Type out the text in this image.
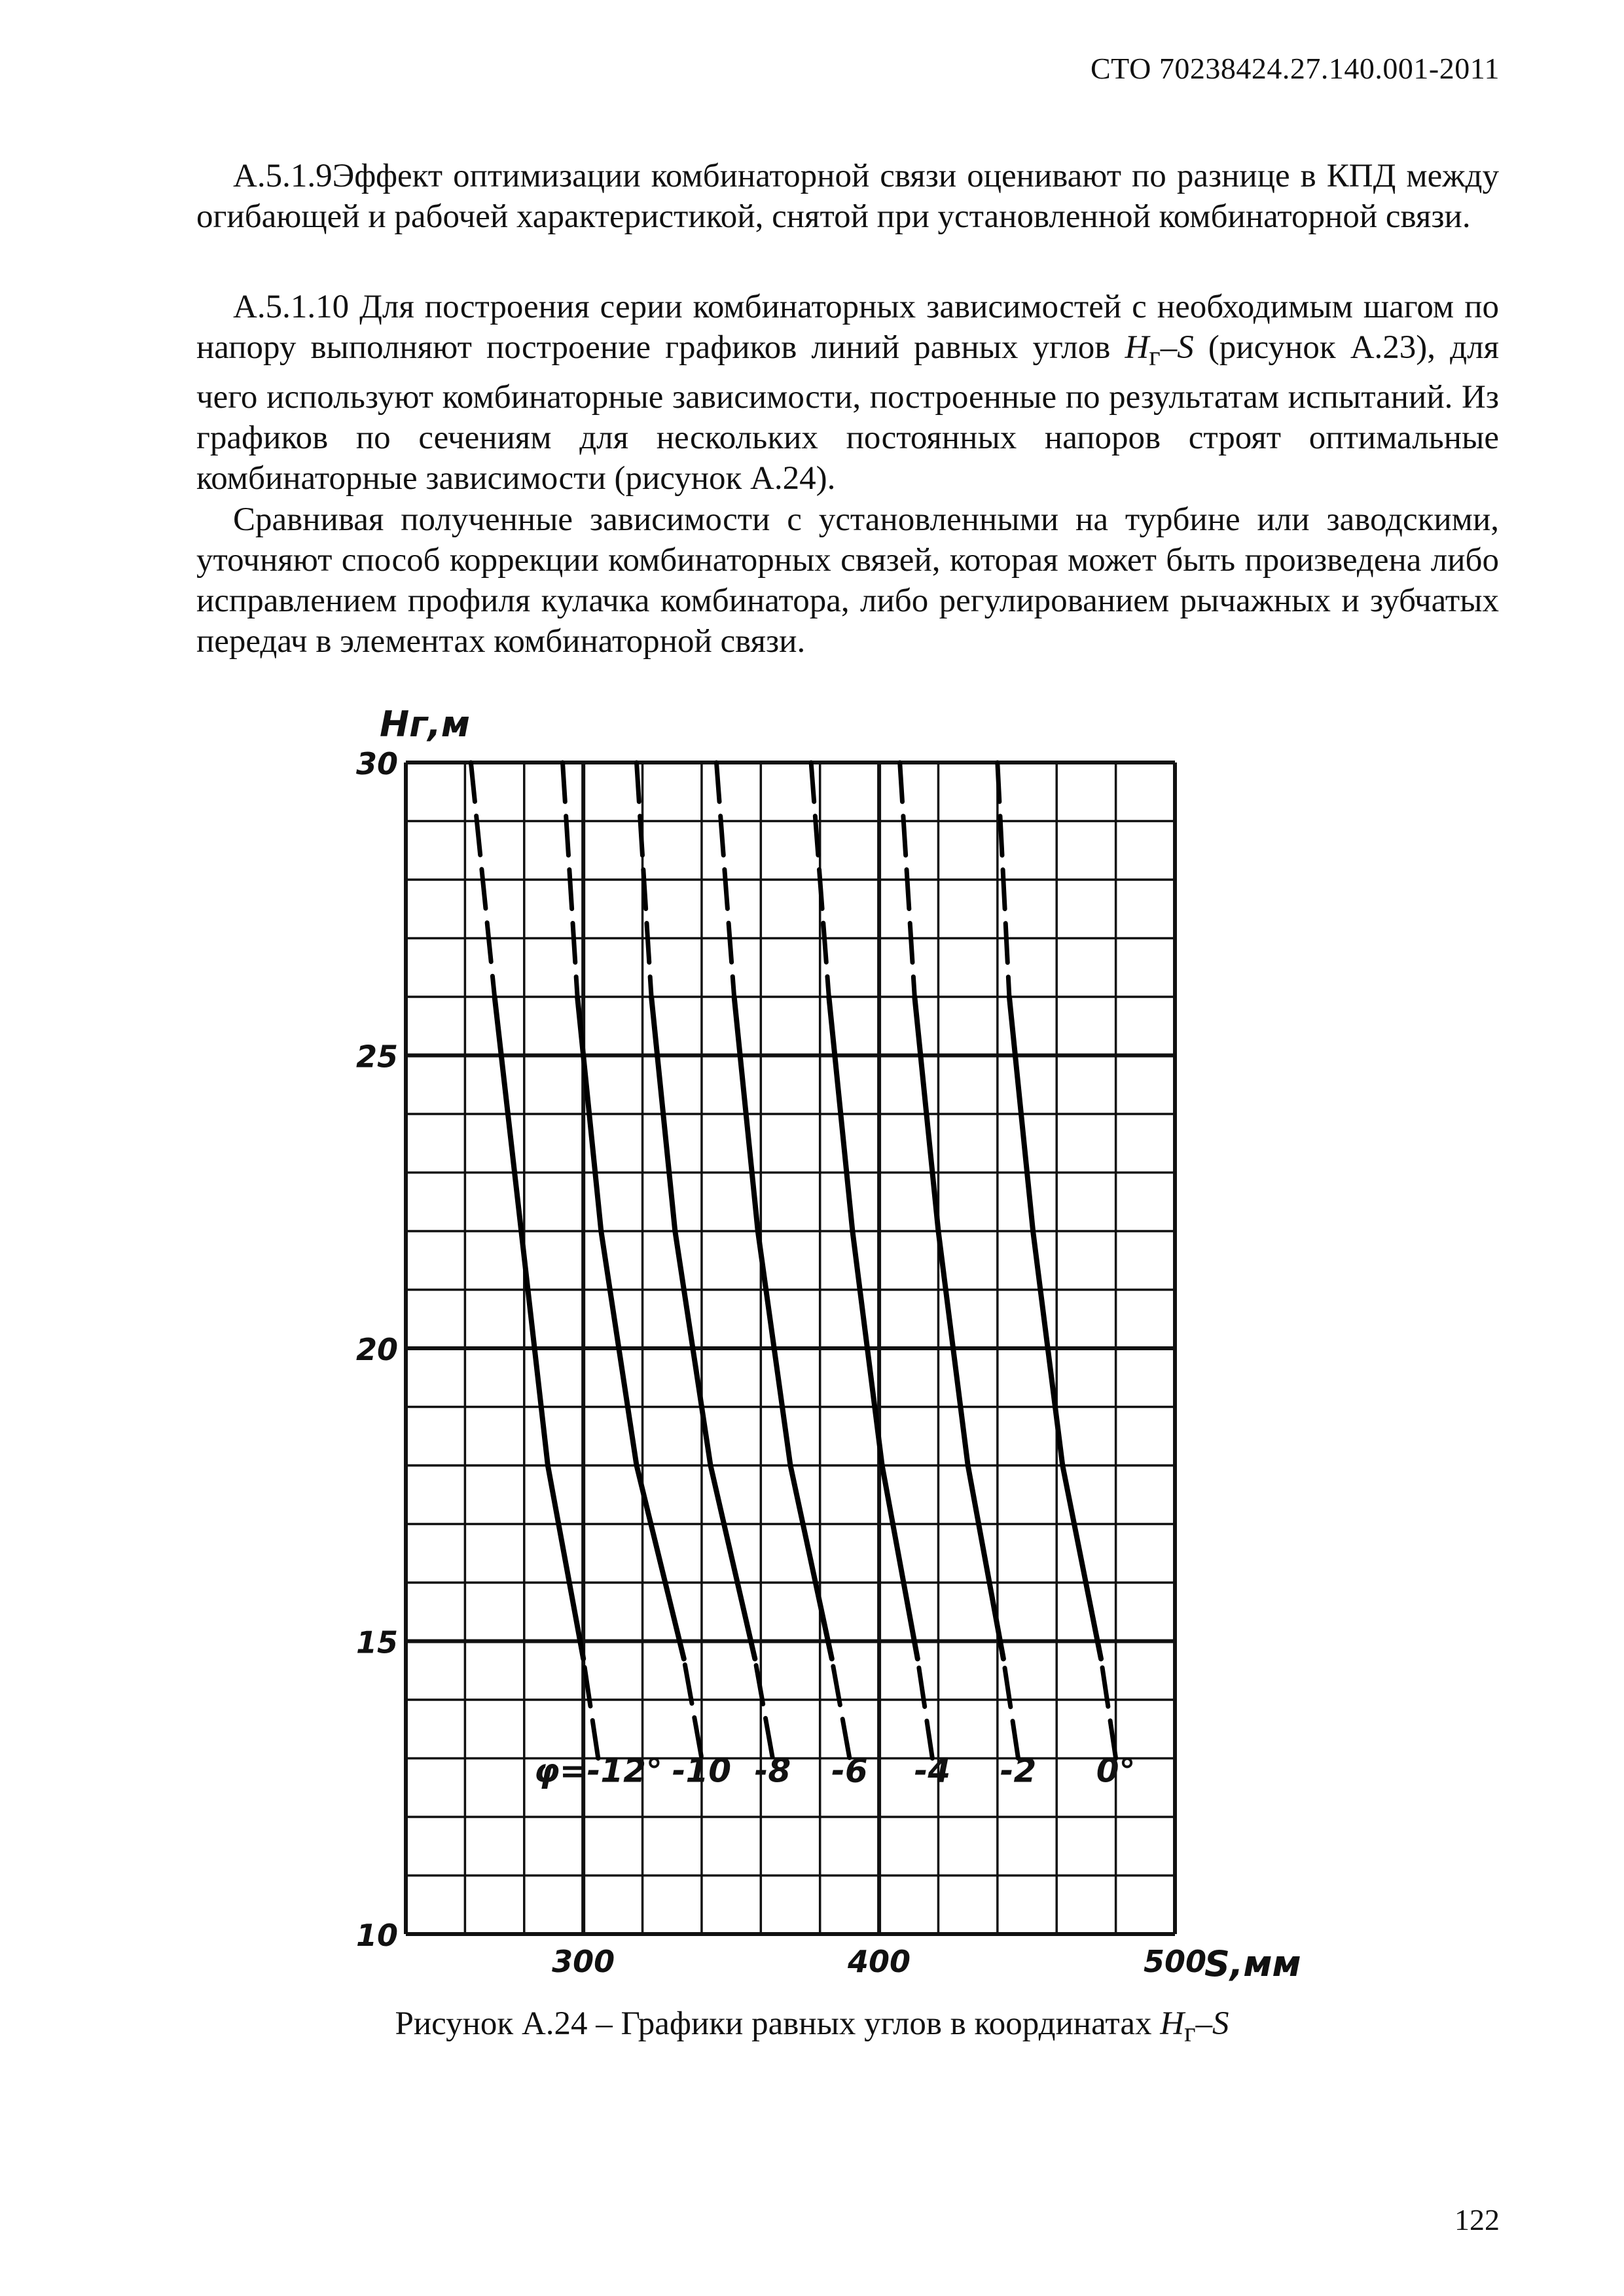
СТО 70238424.27.140.001-2011

А.5.1.9Эффект оптимизации комбинаторной связи оценивают по разнице в КПД между огибающей и рабочей характеристикой, снятой при установленной комбинаторной связи.

А.5.1.10 Для построения серии комбинаторных зависимостей с необходимым шагом по напору выполняют построение графиков линий равных углов $H_г-S$ (рисунок А.23), для чего используют комбинаторные зависимости, построенные по результатам испытаний. Из графиков по сечениям для нескольких постоянных напоров строят оптимальные комбинаторные зависимости (рисунок А.24).

Сравнивая полученные зависимости с установленными на турбине или заводскими, уточняют способ коррекции комбинаторных связей, которая может быть произведена либо исправлением профиля кулачка комбинатора, либо регулированием рычажных и зубчатых передач в элементах комбинаторной связи.

φ=-12° -10 -8 -6 -4 -2 0°
10
15
20
25
30
300	400	500
Hг,м
S,мм
Рисунок А.24 – Графики равных углов в координатах $H_г-S$
122
